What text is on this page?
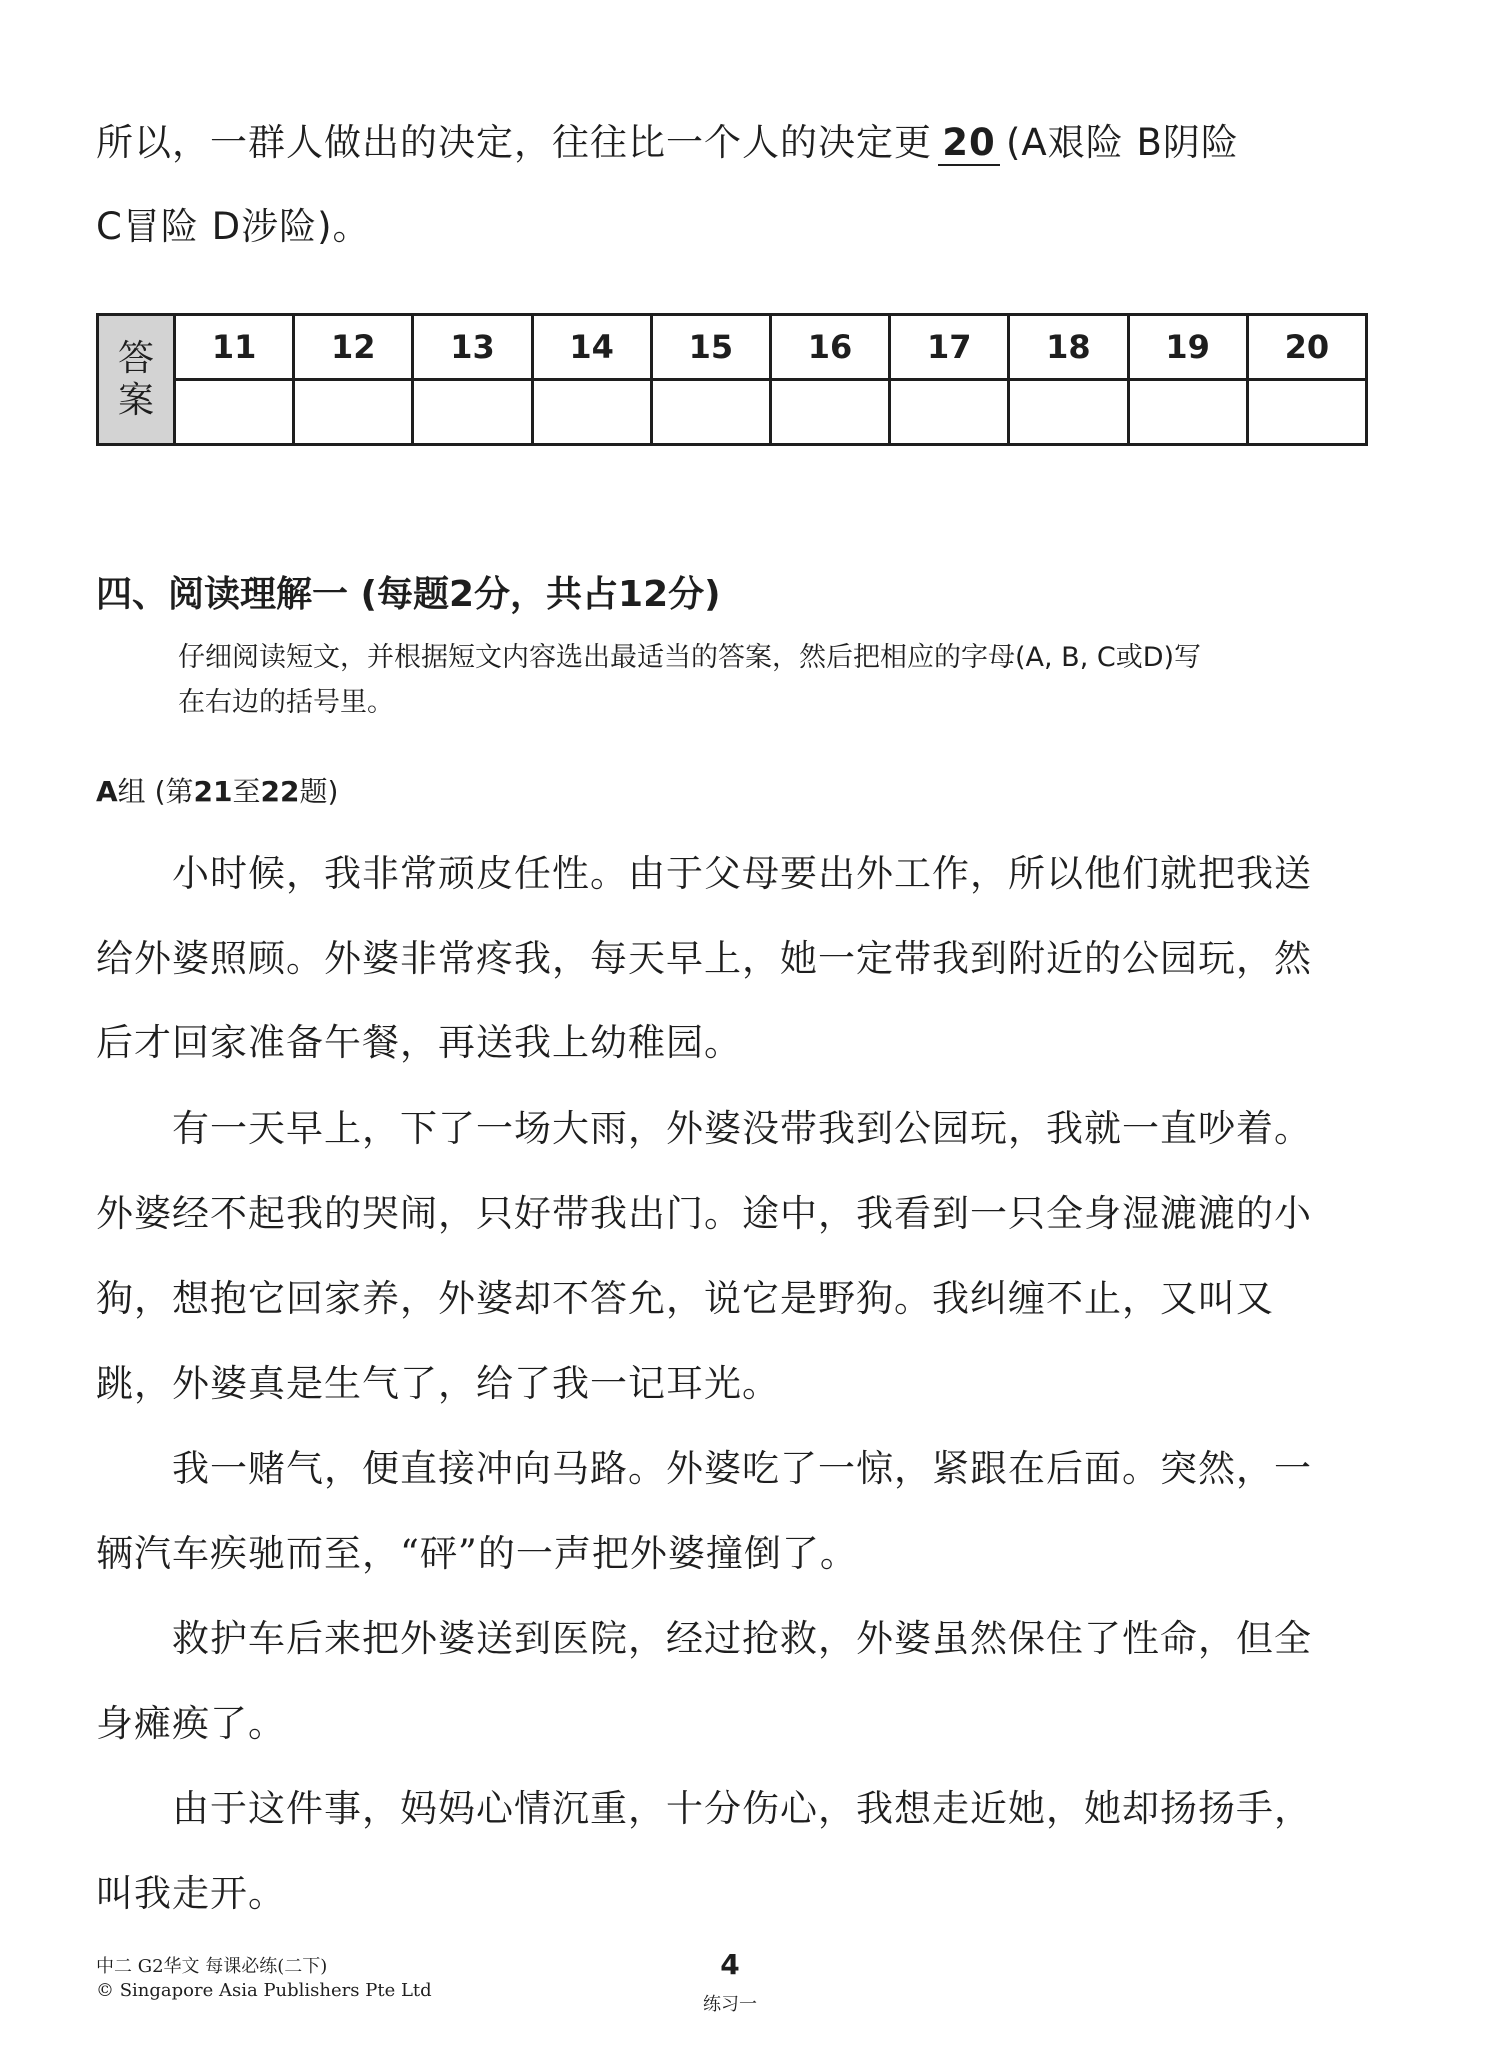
所以，一群人做出的决定，往往比一个人的决定更 20 (A艰险 B阴险
C冒险 D涉险)。
答
案	11	12	13	14	15	16	17	18	19	20

四、阅读理解一 (每题2分，共占12分)
仔细阅读短文，并根据短文内容选出最适当的答案，然后把相应的字母(A, B, C或D)写
在右边的括号里。
A组 (第21至22题)
　　小时候，我非常顽皮任性。由于父母要出外工作，所以他们就把我送
给外婆照顾。外婆非常疼我，每天早上，她一定带我到附近的公园玩，然
后才回家准备午餐，再送我上幼稚园。
　　有一天早上，下了一场大雨，外婆没带我到公园玩，我就一直吵着。
外婆经不起我的哭闹，只好带我出门。途中，我看到一只全身湿漉漉的小
狗，想抱它回家养，外婆却不答允，说它是野狗。我纠缠不止，又叫又
跳，外婆真是生气了，给了我一记耳光。
　　我一赌气，便直接冲向马路。外婆吃了一惊，紧跟在后面。突然，一
辆汽车疾驰而至，“砰”的一声把外婆撞倒了。
　　救护车后来把外婆送到医院，经过抢救，外婆虽然保住了性命，但全
身瘫痪了。
　　由于这件事，妈妈心情沉重，十分伤心，我想走近她，她却扬扬手，
叫我走开。
中二 G2华文 每课必练(二下)
© Singapore Asia Publishers Pte Ltd
4
练习一
